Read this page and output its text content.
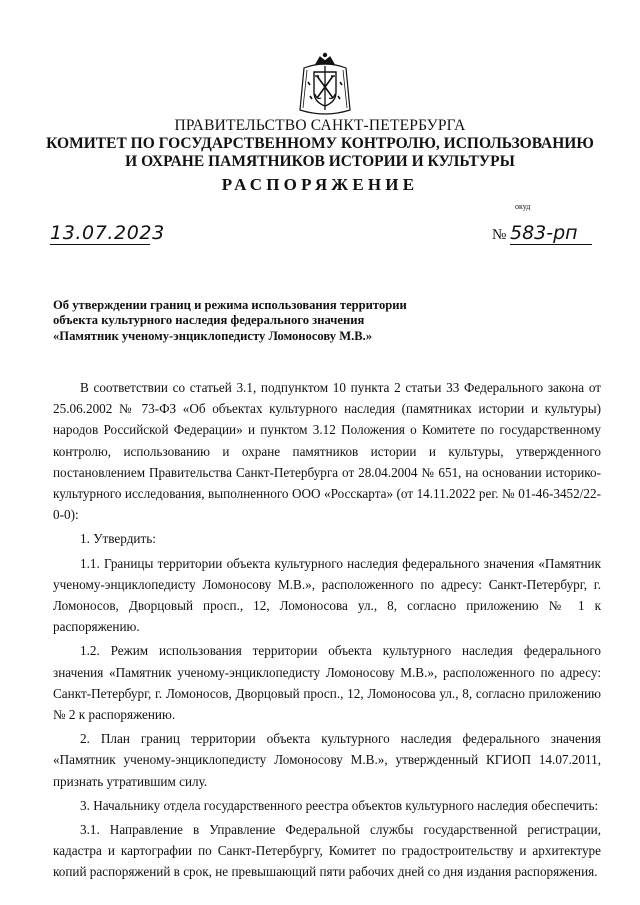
ПРАВИТЕЛЬСТВО САНКТ-ПЕТЕРБУРГА
КОМИТЕТ ПО ГОСУДАРСТВЕННОМУ КОНТРОЛЮ, ИСПОЛЬЗОВАНИЮ
И ОХРАНЕ ПАМЯТНИКОВ ИСТОРИИ И КУЛЬТУРЫ
РАСПОРЯЖЕНИЕ
окуд
13.07.2023	№ 583-рп
Об утверждении границ и режима использования территории
объекта культурного наследия федерального значения
«Памятник ученому-энциклопедисту Ломоносову М.В.»

В соответствии со статьей 3.1, подпунктом 10 пункта 2 статьи 33 Федерального закона от 25.06.2002 № 73-ФЗ «Об объектах культурного наследия (памятниках истории и культуры) народов Российской Федерации» и пунктом 3.12 Положения о Комитете по государственному контролю, использованию и охране памятников истории и культуры, утвержденного постановлением Правительства Санкт-Петербурга от 28.04.2004 № 651, на основании историко-культурного исследования, выполненного ООО «Росскарта» (от 14.11.2022 рег. № 01-46-3452/22-0-0):

1. Утвердить:

1.1. Границы территории объекта культурного наследия федерального значения «Памятник ученому-энциклопедисту Ломоносову М.В.», расположенного по адресу: Санкт-Петербург, г. Ломоносов, Дворцовый просп., 12, Ломоносова ул., 8, согласно приложению № 1 к распоряжению.

1.2. Режим использования территории объекта культурного наследия федерального значения «Памятник ученому-энциклопедисту Ломоносову М.В.», расположенного по адресу: Санкт-Петербург, г. Ломоносов, Дворцовый просп., 12, Ломоносова ул., 8, согласно приложению № 2 к распоряжению.

2. План границ территории объекта культурного наследия федерального значения «Памятник ученому-энциклопедисту Ломоносову М.В.», утвержденный КГИОП 14.07.2011, признать утратившим силу.

3. Начальнику отдела государственного реестра объектов культурного наследия обеспечить:

3.1. Направление в Управление Федеральной службы государственной регистрации, кадастра и картографии по Санкт-Петербургу, Комитет по градостроительству и архитектуре копий распоряжений в срок, не превышающий пяти рабочих дней со дня издания распоряжения.
